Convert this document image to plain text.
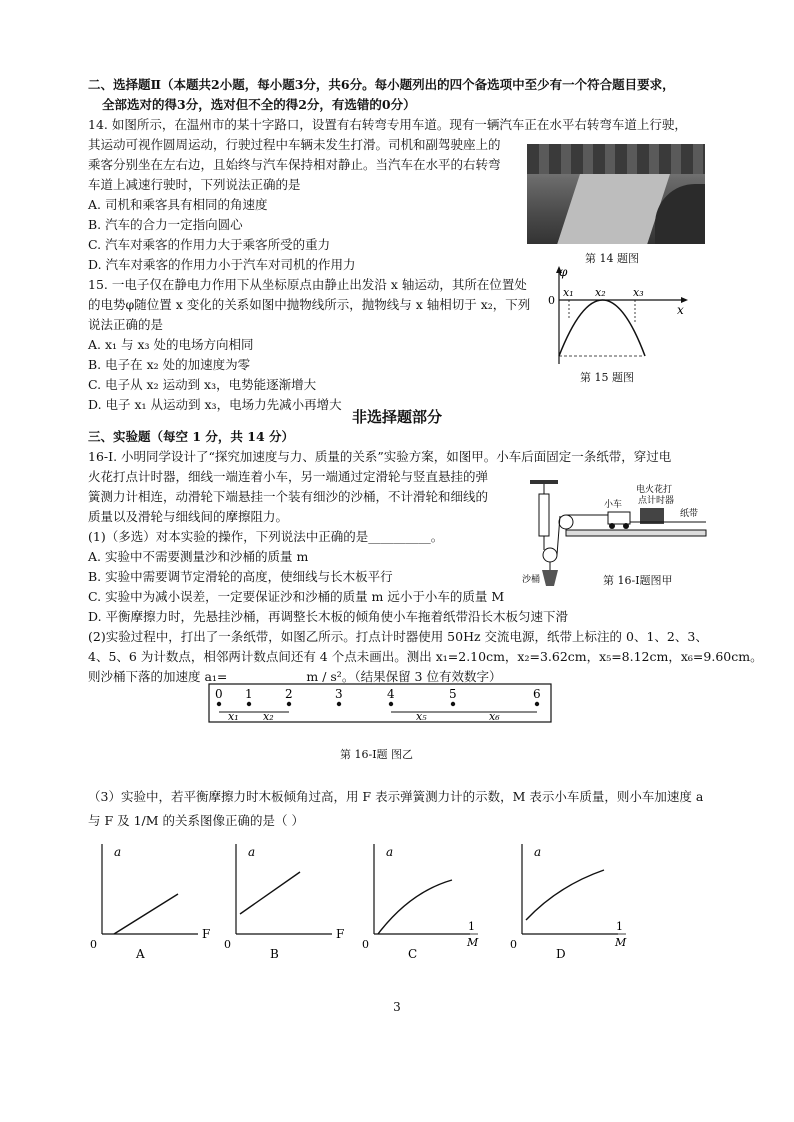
二、选择题Ⅱ（本题共2小题，每小题3分，共6分。每小题列出的四个备选项中至少有一个符合题目要求，
全部选对的得3分，选对但不全的得2分，有选错的0分）
14. 如图所示，在温州市的某十字路口，设置有右转弯专用车道。现有一辆汽车正在水平右转弯车道上行驶，
其运动可视作圆周运动，行驶过程中车辆未发生打滑。司机和副驾驶座上的
乘客分别坐在左右边，且始终与汽车保持相对静止。当汽车在水平的右转弯
车道上减速行驶时，下列说法正确的是
A. 司机和乘客具有相同的角速度
B. 汽车的合力一定指向圆心
C. 汽车对乘客的作用力大于乘客所受的重力
D. 汽车对乘客的作用力小于汽车对司机的作用力	第 14 题图
15. 一电子仅在静电力作用下从坐标原点由静止出发沿 x 轴运动，其所在位置处
的电势φ随位置 x 变化的关系如图中抛物线所示，抛物线与 x 轴相切于 x₂，下列
说法正确的是
A. x₁ 与 x₃ 处的电场方向相同
B. 电子在 x₂ 处的加速度为零
C. 电子从 x₂ 运动到 x₃，电势能逐渐增大
D. 电子 x₁ 从运动到 x₃，电场力先减小再增大
φ
0
x
x₁ x₂ x₃
第 15 题图
非选择题部分
三、实验题（每空 1 分，共 14 分）
16-Ⅰ. 小明同学设计了“探究加速度与力、质量的关系”实验方案，如图甲。小车后面固定一条纸带，穿过电
火花打点计时器，细线一端连着小车，另一端通过定滑轮与竖直悬挂的弹
簧测力计相连，动滑轮下端悬挂一个装有细沙的沙桶，不计滑轮和细线的
质量以及滑轮与细线间的摩擦阻力。
(1)（多选）对本实验的操作，下列说法中正确的是__________。
A. 实验中不需要测量沙和沙桶的质量 m
B. 实验中需要调节定滑轮的高度，使细线与长木板平行
C. 实验中为减小误差，一定要保证沙和沙桶的质量 m 远小于小车的质量 M
D. 平衡摩擦力时，先悬挂沙桶，再调整长木板的倾角使小车拖着纸带沿长木板匀速下滑
(2)实验过程中，打出了一条纸带，如图乙所示。打点计时器使用 50Hz 交流电源，纸带上标注的 0、1、2、3、
4、5、6 为计数点，相邻两计数点间还有 4 个点未画出。测出 x₁=2.10cm，x₂=3.62cm，x₅=8.12cm，x₆=9.60cm。
则沙桶下落的加速度 a₁=____________ m / s²。（结果保留 3 位有效数字）
小车
电火花打
点计时器
纸带
沙桶	第 16-Ⅰ题图甲
0 1	2	3	4	5	6
x₁ x₂	x₅	x₆
第 16-Ⅰ题 图乙
（3）实验中，若平衡摩擦力时木板倾角过高，用 F 表示弹簧测力计的示数，M 表示小车质量，则小车加速度 a
与 F 及 1/M 的关系图像正确的是（ ）
a
0
F
A
a
0
F
B
a
0
1
M
C
a
0
1
M
D
3
